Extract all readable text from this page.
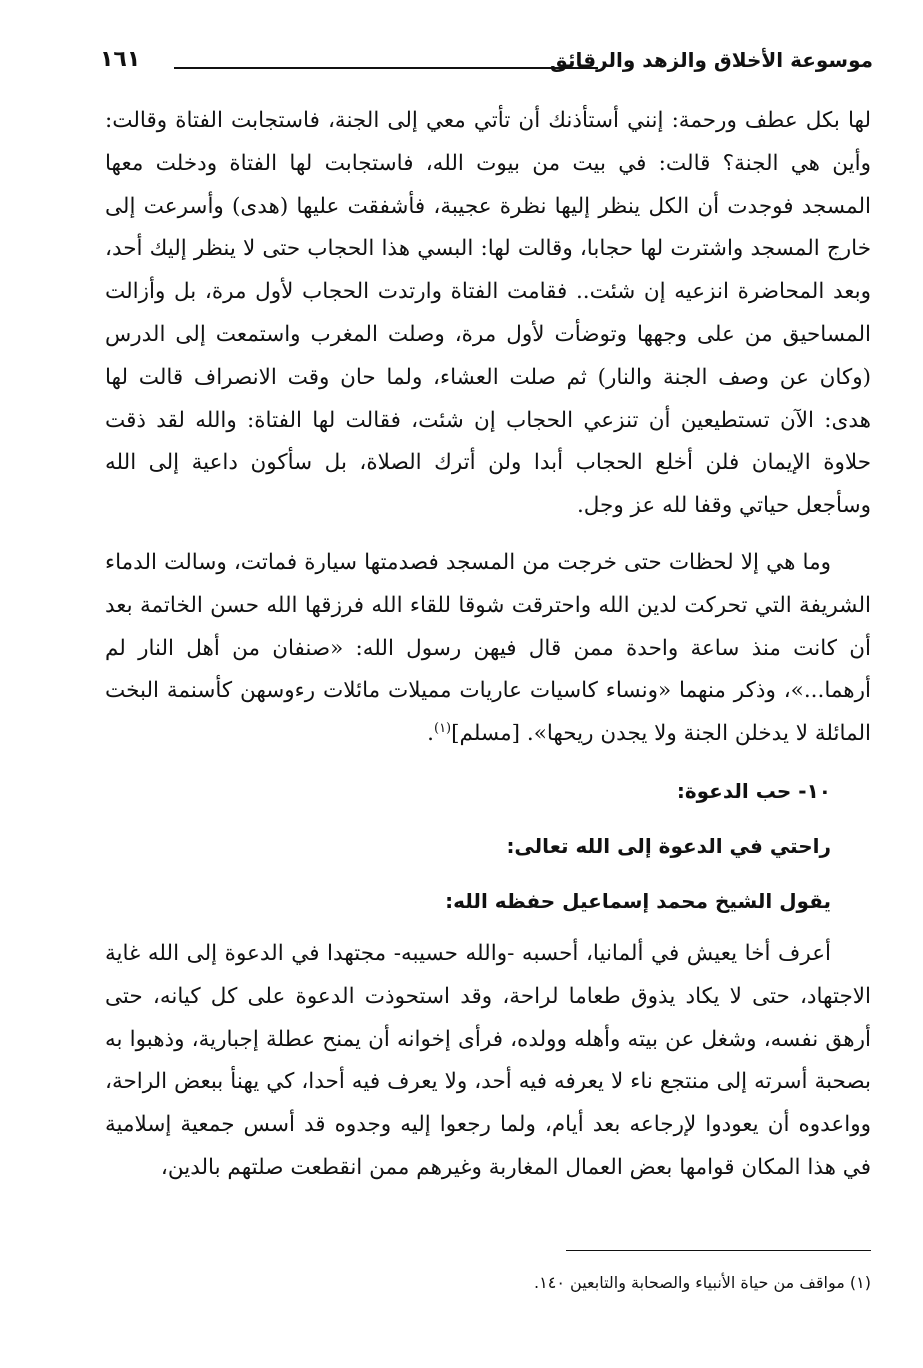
موسوعة الأخلاق والزهد والرقائق
١٦١

لها بكل عطف ورحمة: إنني أستأذنك أن تأتي معي إلى الجنة، فاستجابت الفتاة وقالت: وأين هي الجنة؟ قالت: في بيت من بيوت الله، فاستجابت لها الفتاة ودخلت معها المسجد فوجدت أن الكل ينظر إليها نظرة عجيبة، فأشفقت عليها (هدى) وأسرعت إلى خارج المسجد واشترت لها حجابا، وقالت لها: البسي هذا الحجاب حتى لا ينظر إليك أحد، وبعد المحاضرة انزعيه إن شئت.. فقامت الفتاة وارتدت الحجاب لأول مرة، بل وأزالت المساحيق من على وجهها وتوضأت لأول مرة، وصلت المغرب واستمعت إلى الدرس (وكان عن وصف الجنة والنار) ثم صلت العشاء، ولما حان وقت الانصراف قالت لها هدى: الآن تستطيعين أن تنزعي الحجاب إن شئت، فقالت لها الفتاة: والله لقد ذقت حلاوة الإيمان فلن أخلع الحجاب أبدا ولن أترك الصلاة، بل سأكون داعية إلى الله وسأجعل حياتي وقفا لله عز وجل.

وما هي إلا لحظات حتى خرجت من المسجد فصدمتها سيارة فماتت، وسالت الدماء الشريفة التي تحركت لدين الله واحترقت شوقا للقاء الله فرزقها الله حسن الخاتمة بعد أن كانت منذ ساعة واحدة ممن قال فيهن رسول الله: «صنفان من أهل النار لم أرهما...»، وذكر منهما «ونساء كاسيات عاريات مميلات مائلات رءوسهن كأسنمة البخت المائلة لا يدخلن الجنة ولا يجدن ريحها». [مسلم]$^{(١)}$.

١٠- حب الدعوة:

راحتي في الدعوة إلى الله تعالى:

يقول الشيخ محمد إسماعيل حفظه الله:

أعرف أخا يعيش في ألمانيا، أحسبه -والله حسيبه- مجتهدا في الدعوة إلى الله غاية الاجتهاد، حتى لا يكاد يذوق طعاما لراحة، وقد استحوذت الدعوة على كل كيانه، حتى أرهق نفسه، وشغل عن بيته وأهله وولده، فرأى إخوانه أن يمنح عطلة إجبارية، وذهبوا به بصحبة أسرته إلى منتجع ناء لا يعرفه فيه أحد، ولا يعرف فيه أحدا، كي يهنأ ببعض الراحة، وواعدوه أن يعودوا لإرجاعه بعد أيام، ولما رجعوا إليه وجدوه قد أسس جمعية إسلامية في هذا المكان قوامها بعض العمال المغاربة وغيرهم ممن انقطعت صلتهم بالدين،

(١) مواقف من حياة الأنبياء والصحابة والتابعين ١٤٠.
